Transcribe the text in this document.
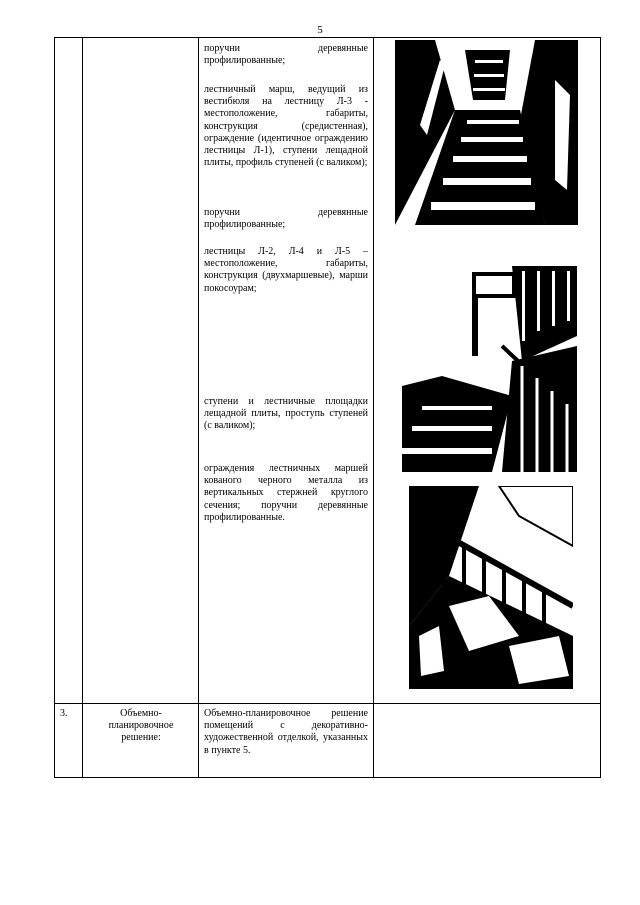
5

поручни деревянные профилированные;

лестничный марш, ведущий из вестибюля на лестницу Л-3 - местоположение, габариты, конструкция (средистенная), ограждение (идентичное ограждению лестницы Л-1), ступени лещадной плиты, профиль ступеней (с валиком);

поручни деревянные профилированные;

лестницы Л-2, Л-4 и Л-5 – местоположение, габариты, конструкция (двухмаршевые), марши покосоурам;

ступени и лестничные площадки лещадной плиты, проступь ступеней (с валиком);

ограждения лестничных маршей кованого черного металла из вертикальных стержней круглого сечения; поручни деревянные профилированные.

3.	Объемно-планировочное решение:
Объемно-планировочное решение помещений с декоративно-художественной отделкой, указанных в пункте 5.
